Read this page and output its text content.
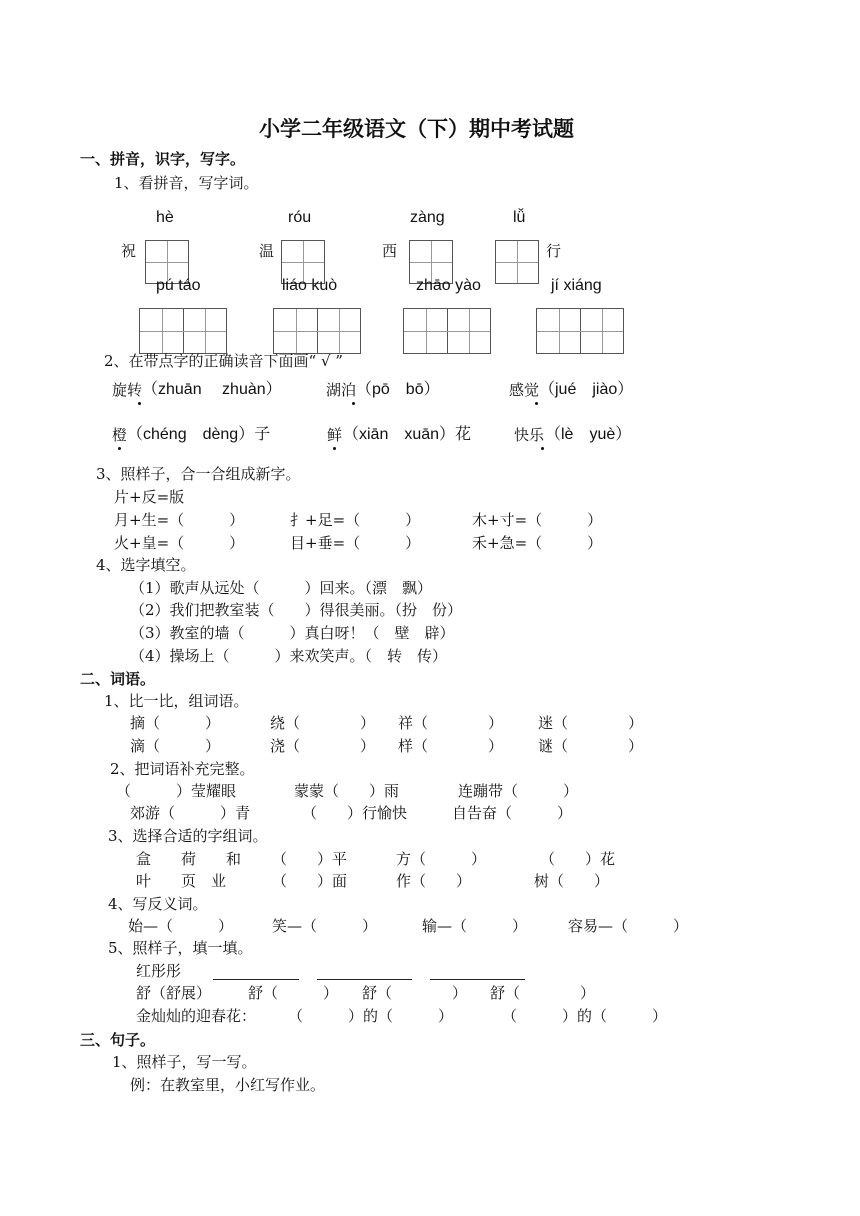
小学二年级语文（下）期中考试题
一、拼音，识字，写字。
1、看拼音，写字词。
hè	róu	zàng	lǚ
祝	温	西	行
pú táo	liáo kuò	zhāo yào	jí xiáng
2、在带点字的正确读音下面画“ √ ”
旋转 （zhuān　 zhuàn）	湖泊 （pō　bō）	感觉 （jué　jiào）
橙 （chéng　dèng）子	鲜 （xiān　xuān）花	快乐 （lè　yuè）
3、照样子，合一合组成新字。
片+反=版
月+生=（　　　）	扌+足=（　　　）	木+寸=（　　　）
火+皇=（　　　）	目+垂=（　　　）	禾+急=（　　　）
4、选字填空。
（1）歌声从远处（　　　）回来。（漂　飘）
（2）我们把教室装（　　）得很美丽。（扮　份）
（3）教室的墙（　　　）真白呀！（　壁　辟）
（4）操场上（　　　）来欢笑声。（　转　传）
二、词语。
1、比一比，组词语。
摘（　　　）	绕（　　　　） 祥（　　　　） 迷（　　　　）
滴（　　　）	浇（　　　　） 样（　　　　） 谜（　　　　）
2、把词语补充完整。
（　　　）莹耀眼	蒙蒙（　　）雨	连蹦带（　　　）
郊游（　　　）青	（　　）行愉快	自告奋（　　　）
3、选择合适的字组词。
盒　　荷　　和 （　　）平	方（　　　）	（　　）花
叶　　页　业	（　　）面	作（　　）	树（　　）
4、写反义词。
始—（　　　）	笑—（　　　）	输—（　　　）	容易—（　　　）
5、照样子，填一填。
红彤彤
舒（舒展） 舒（　　　） 舒（　　　　） 舒（　　　　）
金灿灿的迎春花： （　　　）的（　　　）	（　　　）的（　　　）
三、句子。
1、照样子，写一写。
例：在教室里，小红写作业。
